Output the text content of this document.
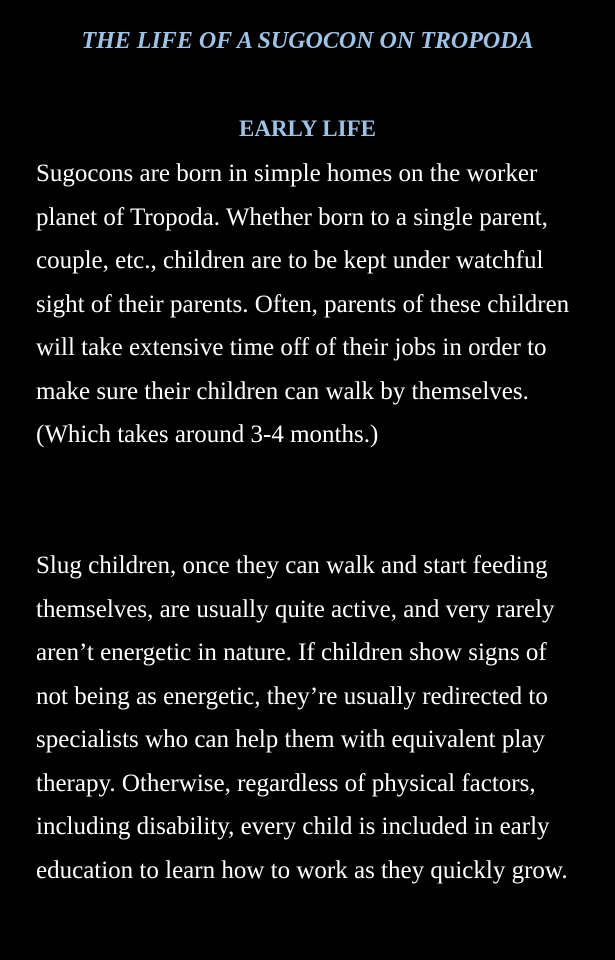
THE LIFE OF A SUGOCON ON TROPODA
EARLY LIFE

Sugocons are born in simple homes on the worker planet of Tropoda. Whether born to a single parent, couple, etc., children are to be kept under watchful sight of their parents. Often, parents of these children will take extensive time off of their jobs in order to make sure their children can walk by themselves. (Which takes around 3-4 months.)

Slug children, once they can walk and start feeding themselves, are usually quite active, and very rarely aren’t energetic in nature. If children show signs of not being as energetic, they’re usually redirected to specialists who can help them with equivalent play therapy. Otherwise, regardless of physical factors, including disability, every child is included in early education to learn how to work as they quickly grow.
